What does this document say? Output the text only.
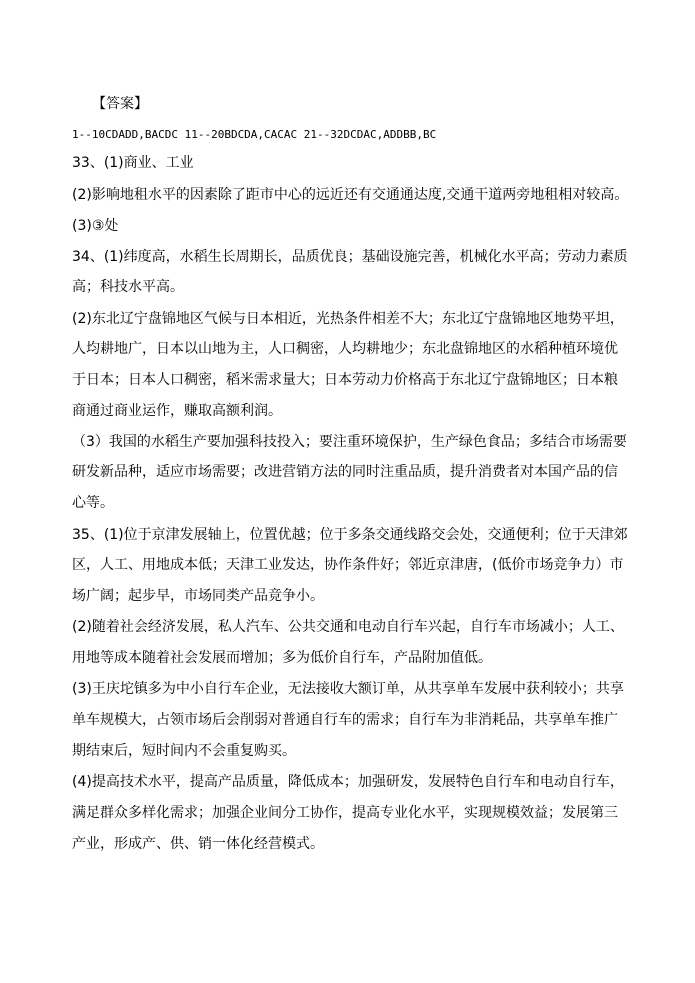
【答案】
1--10CDADD,BACDC 11--20BDCDA,CACAC 21--32DCDAC,ADDBB,BC
33、(1)商业、工业
(2)影响地租水平的因素除了距市中心的远近还有交通通达度,交通干道两旁地租相对较高。
(3)③处
34、(1)纬度高，水稻生长周期长，品质优良；基础设施完善，机械化水平高；劳动力素质
高；科技水平高。
(2)东北辽宁盘锦地区气候与日本相近，光热条件相差不大；东北辽宁盘锦地区地势平坦，
人均耕地广，日本以山地为主，人口稠密，人均耕地少；东北盘锦地区的水稻种植环境优
于日本；日本人口稠密，稻米需求量大；日本劳动力价格高于东北辽宁盘锦地区；日本粮
商通过商业运作，赚取高额利润。
（3）我国的水稻生产要加强科技投入；要注重环境保护，生产绿色食品；多结合市场需要
研发新品种，适应市场需要；改进营销方法的同时注重品质，提升消费者对本国产品的信
心等。
35、(1)位于京津发展轴上，位置优越；位于多条交通线路交会处，交通便利；位于天津郊
区，人工、用地成本低；天津工业发达，协作条件好；邻近京津唐，(低价市场竞争力）市
场广阔；起步早，市场同类产品竞争小。
(2)随着社会经济发展，私人汽车、公共交通和电动自行车兴起，自行车市场减小；人工、
用地等成本随着社会发展而增加；多为低价自行车，产品附加值低。
(3)王庆坨镇多为中小自行车企业，无法接收大额订单，从共享单车发展中获利较小；共享
单车规模大，占领市场后会削弱对普通自行车的需求；自行车为非消耗品，共享单车推广
期结束后，短时间内不会重复购买。
(4)提高技术水平，提高产品质量，降低成本；加强研发，发展特色自行车和电动自行车，
满足群众多样化需求；加强企业间分工协作，提高专业化水平，实现规模效益；发展第三
产业，形成产、供、销一体化经营模式。
